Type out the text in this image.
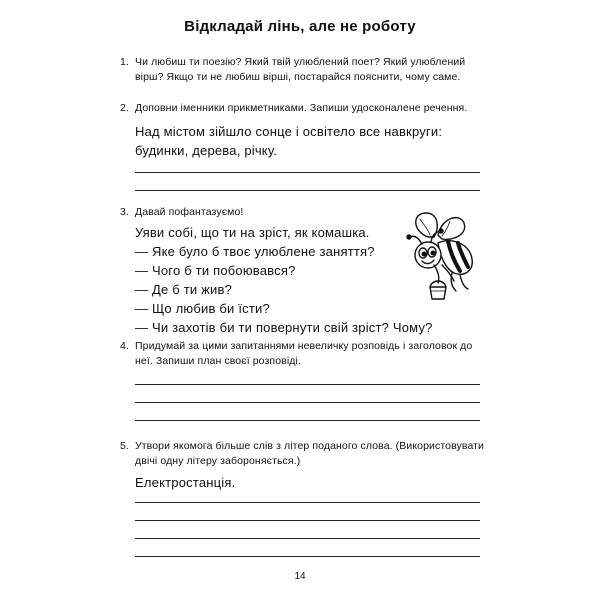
Відкладай лінь, але не роботу
1. Чи любиш ти поезію? Який твій улюблений поет? Який улюблений вірш? Якщо ти не любиш вірші, постарайся пояснити, чому саме.
2. Доповни іменники прикметниками. Запиши удосконалене речення.
Над містом зійшло сонце і освітело все навкруги: будинки, дерева, річку.
3. Давай пофантазуємо!
Уяви собі, що ти на зріст, як комашка.
— Яке було б твоє улюблене заняття?
— Чого б ти побоювався?
— Де б ти жив?
— Що любив би їсти?
— Чи захотів би ти повернути свій зріст? Чому?
4. Придумай за цими запитаннями невеличку розповідь і заголовок до неї. Запиши план своєї розповіді.
5. Утвори якомога більше слів з літер поданого слова. (Використовувати двічі одну літеру забороняється.)
Електростанція.
14
